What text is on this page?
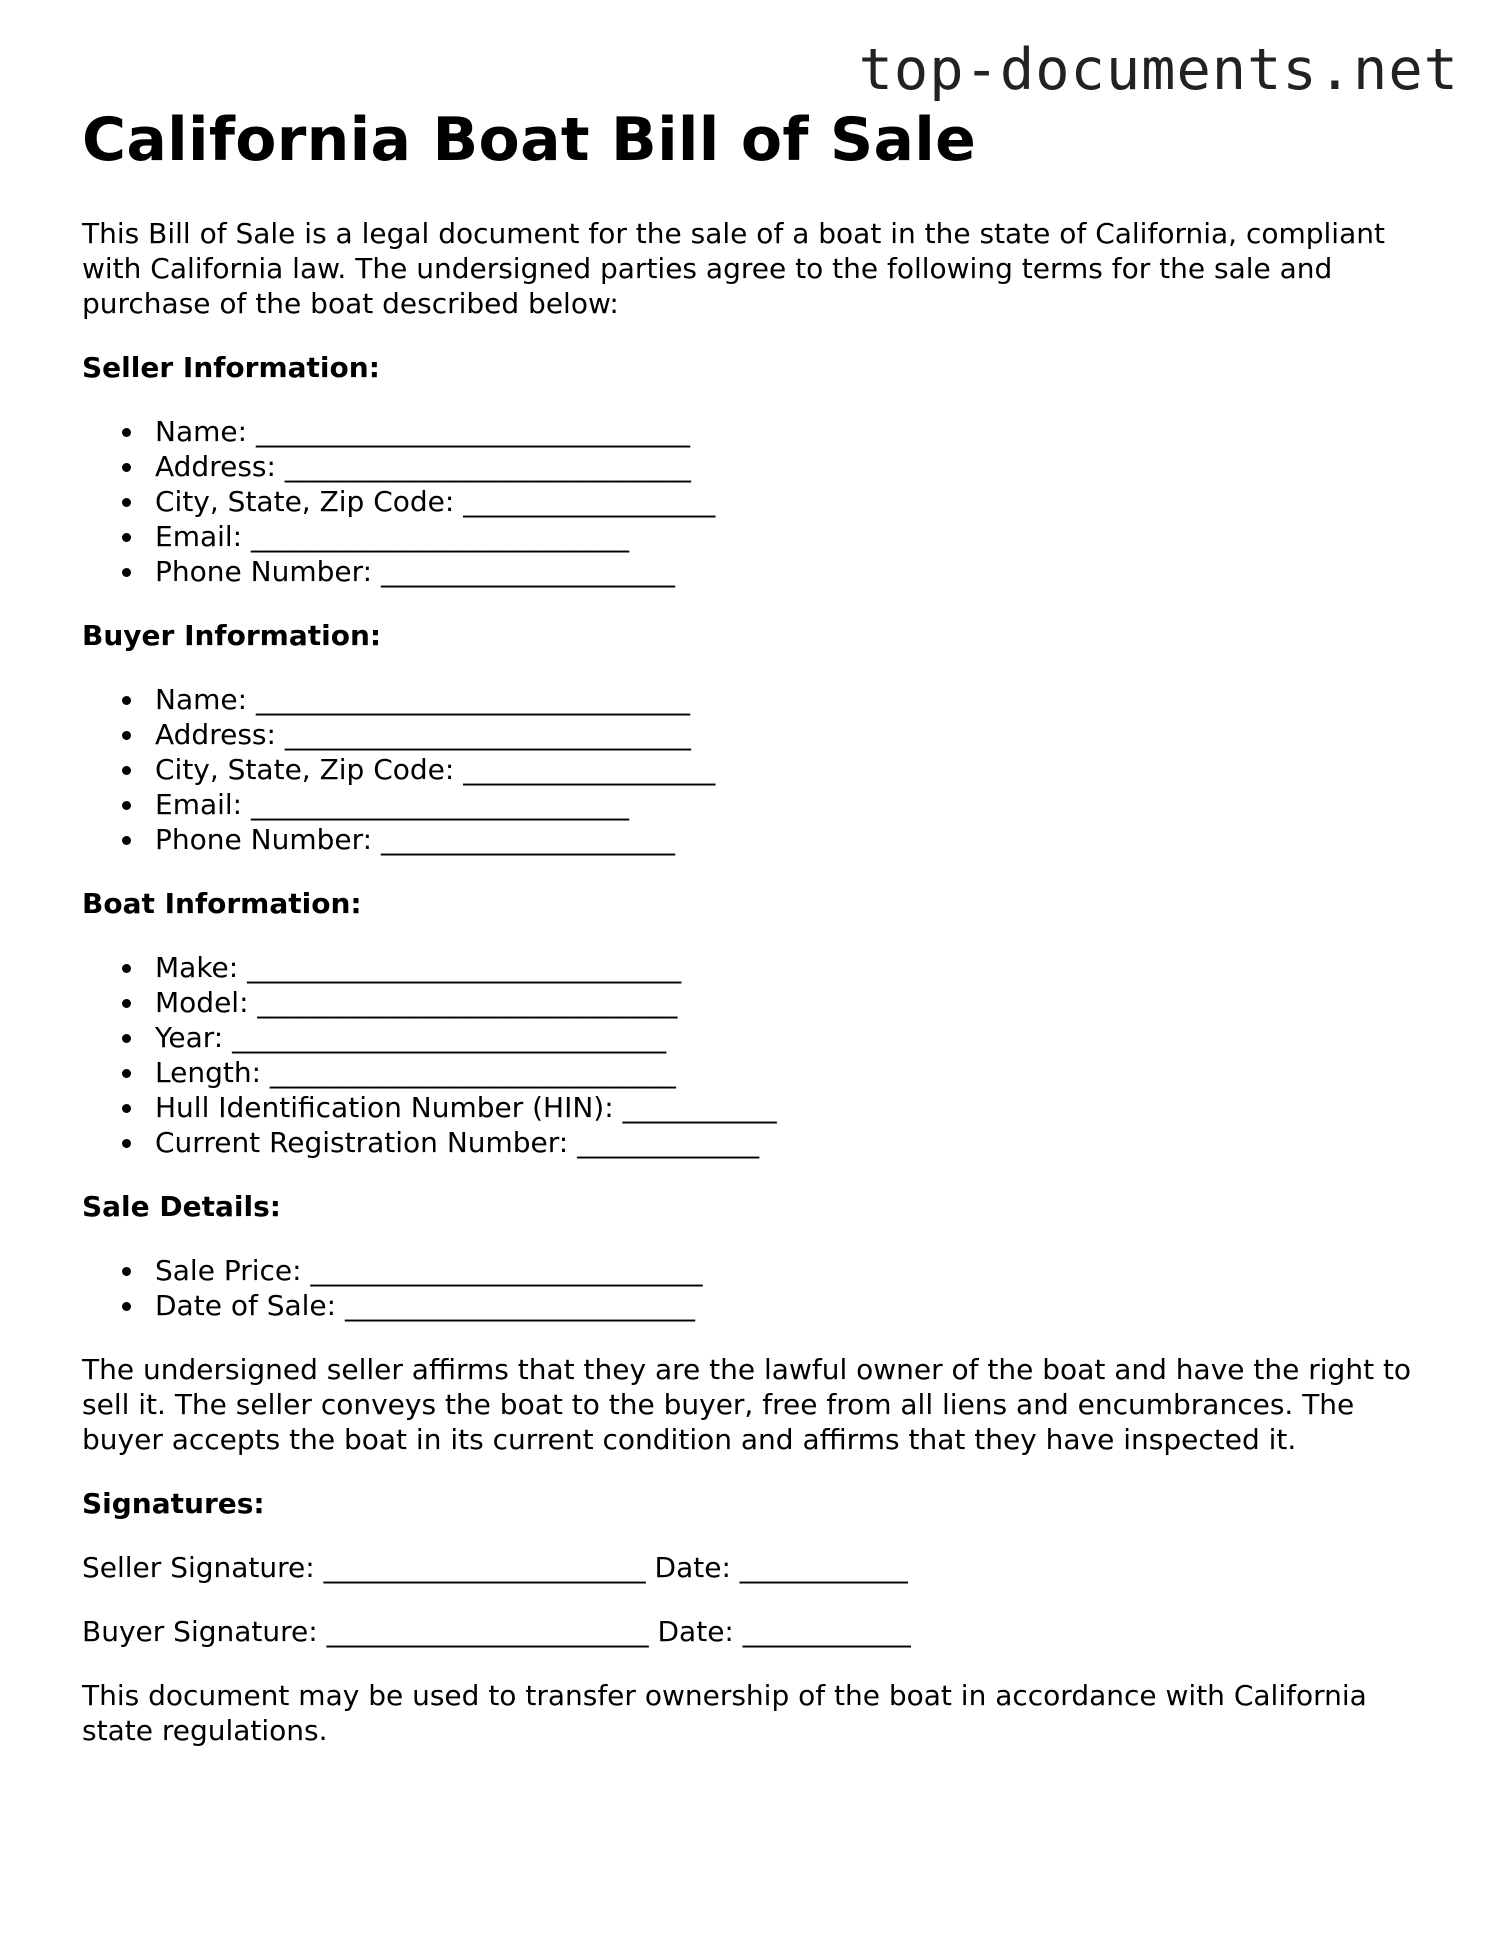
top-documents.net
California Boat Bill of Sale
This Bill of Sale is a legal document for the sale of a boat in the state of California, compliant with California law. The undersigned parties agree to the following terms for the sale and purchase of the boat described below:
Seller Information:
Name: _______________________________
Address: _____________________________
City, State, Zip Code: __________________
Email: ___________________________
Phone Number: _____________________
Buyer Information:
Name: _______________________________
Address: _____________________________
City, State, Zip Code: __________________
Email: ___________________________
Phone Number: _____________________
Boat Information:
Make: _______________________________
Model: ______________________________
Year: _______________________________
Length: _____________________________
Hull Identification Number (HIN): ___________
Current Registration Number: _____________
Sale Details:
Sale Price: ____________________________
Date of Sale: _________________________

The undersigned seller affirms that they are the lawful owner of the boat and have the right to sell it. The seller conveys the boat to the buyer, free from all liens and encumbrances. The buyer accepts the boat in its current condition and affirms that they have inspected it.

Signatures:

Seller Signature: _______________________ Date: ____________

Buyer Signature: _______________________ Date: ____________

This document may be used to transfer ownership of the boat in accordance with California state regulations.
